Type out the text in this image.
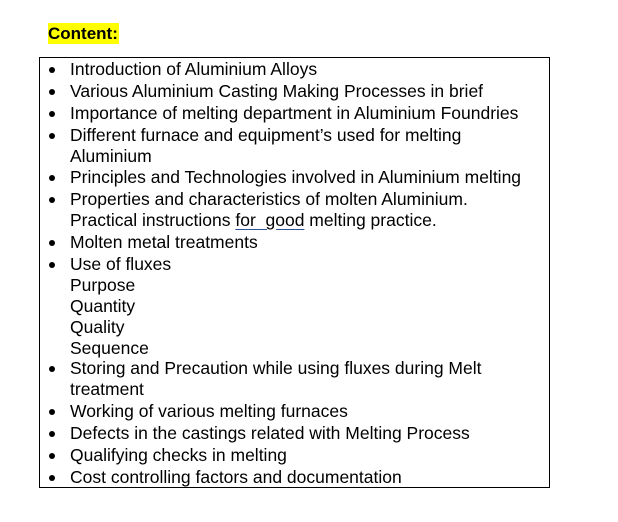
Content:
Introduction of Aluminium Alloys
Various Aluminium Casting Making Processes in brief
Importance of melting department in Aluminium Foundries
Different furnace and equipment’s used for melting
Aluminium
Principles and Technologies involved in Aluminium melting
Properties and characteristics of molten Aluminium.
Practical instructions for  good melting practice.
Molten metal treatments
Use of fluxes
Purpose
Quantity
Quality
Sequence
Storing and Precaution while using fluxes during Melt
treatment
Working of various melting furnaces
Defects in the castings related with Melting Process
Qualifying checks in melting
Cost controlling factors and documentation
